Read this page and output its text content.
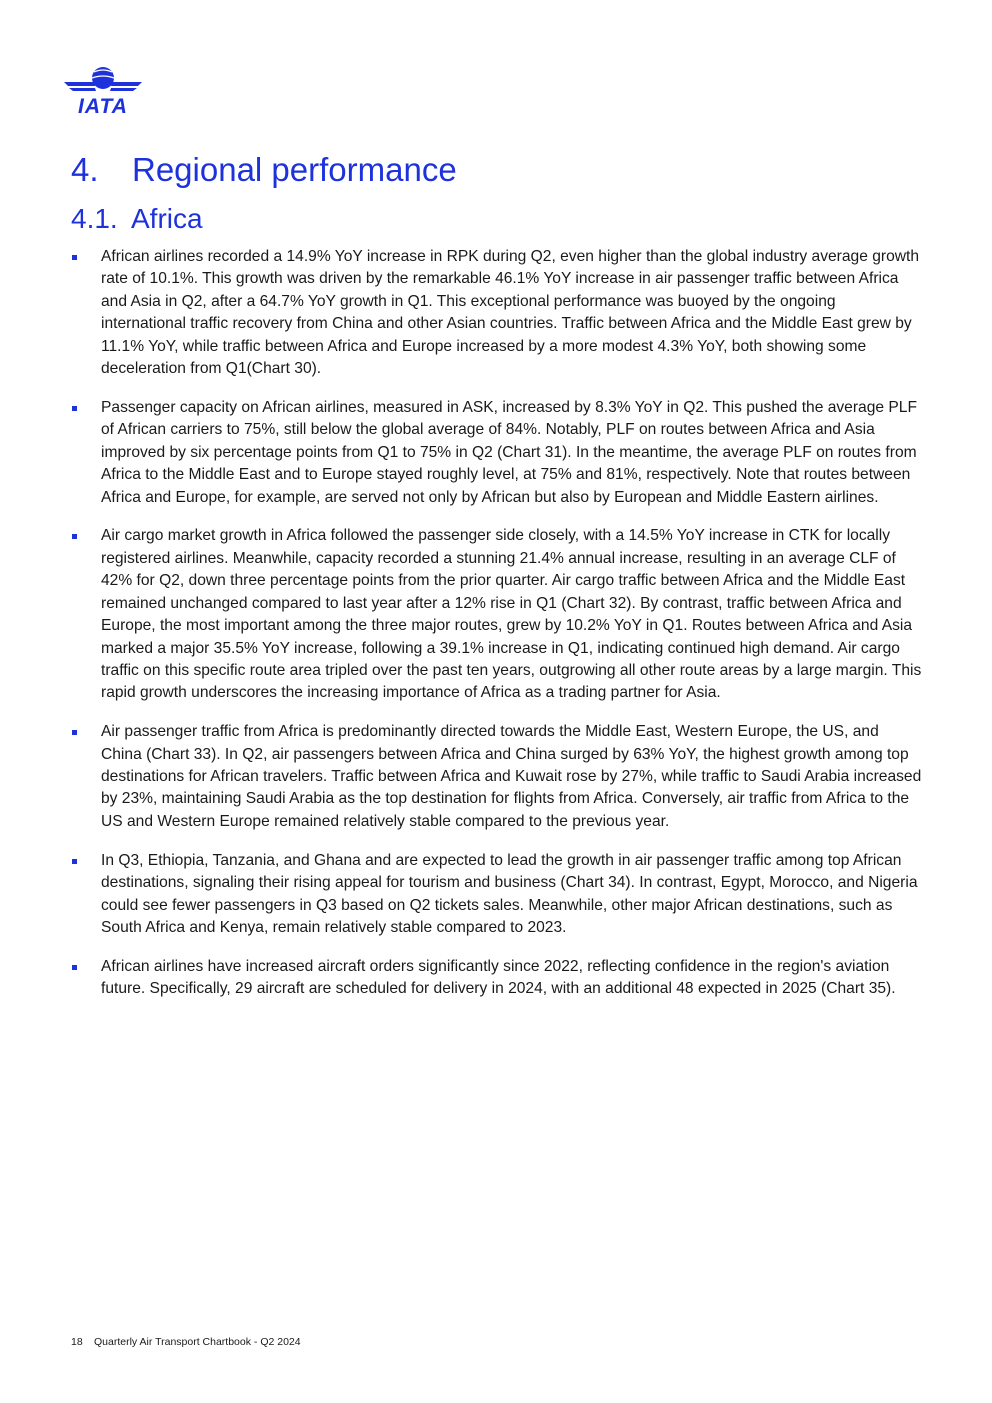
IATA
4. Regional performance
4.1. Africa
African airlines recorded a 14.9% YoY increase in RPK during Q2, even higher than the global industry average growth rate of 10.1%. This growth was driven by the remarkable 46.1% YoY increase in air passenger traffic between Africa and Asia in Q2, after a 64.7% YoY growth in Q1. This exceptional performance was buoyed by the ongoing international traffic recovery from China and other Asian countries. Traffic between Africa and the Middle East grew by 11.1% YoY, while traffic between Africa and Europe increased by a more modest 4.3% YoY, both showing some deceleration from Q1(Chart 30).
Passenger capacity on African airlines, measured in ASK, increased by 8.3% YoY in Q2. This pushed the average PLF of African carriers to 75%, still below the global average of 84%. Notably, PLF on routes between Africa and Asia improved by six percentage points from Q1 to 75% in Q2 (Chart 31). In the meantime, the average PLF on routes from Africa to the Middle East and to Europe stayed roughly level, at 75% and 81%, respectively. Note that routes between Africa and Europe, for example, are served not only by African but also by European and Middle Eastern airlines.
Air cargo market growth in Africa followed the passenger side closely, with a 14.5% YoY increase in CTK for locally registered airlines. Meanwhile, capacity recorded a stunning 21.4% annual increase, resulting in an average CLF of 42% for Q2, down three percentage points from the prior quarter. Air cargo traffic between Africa and the Middle East remained unchanged compared to last year after a 12% rise in Q1 (Chart 32). By contrast, traffic between Africa and Europe, the most important among the three major routes, grew by 10.2% YoY in Q1. Routes between Africa and Asia marked a major 35.5% YoY increase, following a 39.1% increase in Q1, indicating continued high demand. Air cargo traffic on this specific route area tripled over the past ten years, outgrowing all other route areas by a large margin. This rapid growth underscores the increasing importance of Africa as a trading partner for Asia.
Air passenger traffic from Africa is predominantly directed towards the Middle East, Western Europe, the US, and China (Chart 33). In Q2, air passengers between Africa and China surged by 63% YoY, the highest growth among top destinations for African travelers. Traffic between Africa and Kuwait rose by 27%, while traffic to Saudi Arabia increased by 23%, maintaining Saudi Arabia as the top destination for flights from Africa. Conversely, air traffic from Africa to the US and Western Europe remained relatively stable compared to the previous year.
In Q3, Ethiopia, Tanzania, and Ghana and are expected to lead the growth in air passenger traffic among top African destinations, signaling their rising appeal for tourism and business (Chart 34). In contrast, Egypt, Morocco, and Nigeria could see fewer passengers in Q3 based on Q2 tickets sales. Meanwhile, other major African destinations, such as South Africa and Kenya, remain relatively stable compared to 2023.
African airlines have increased aircraft orders significantly since 2022, reflecting confidence in the region's aviation future. Specifically, 29 aircraft are scheduled for delivery in 2024, with an additional 48 expected in 2025 (Chart 35).
18 Quarterly Air Transport Chartbook - Q2 2024
